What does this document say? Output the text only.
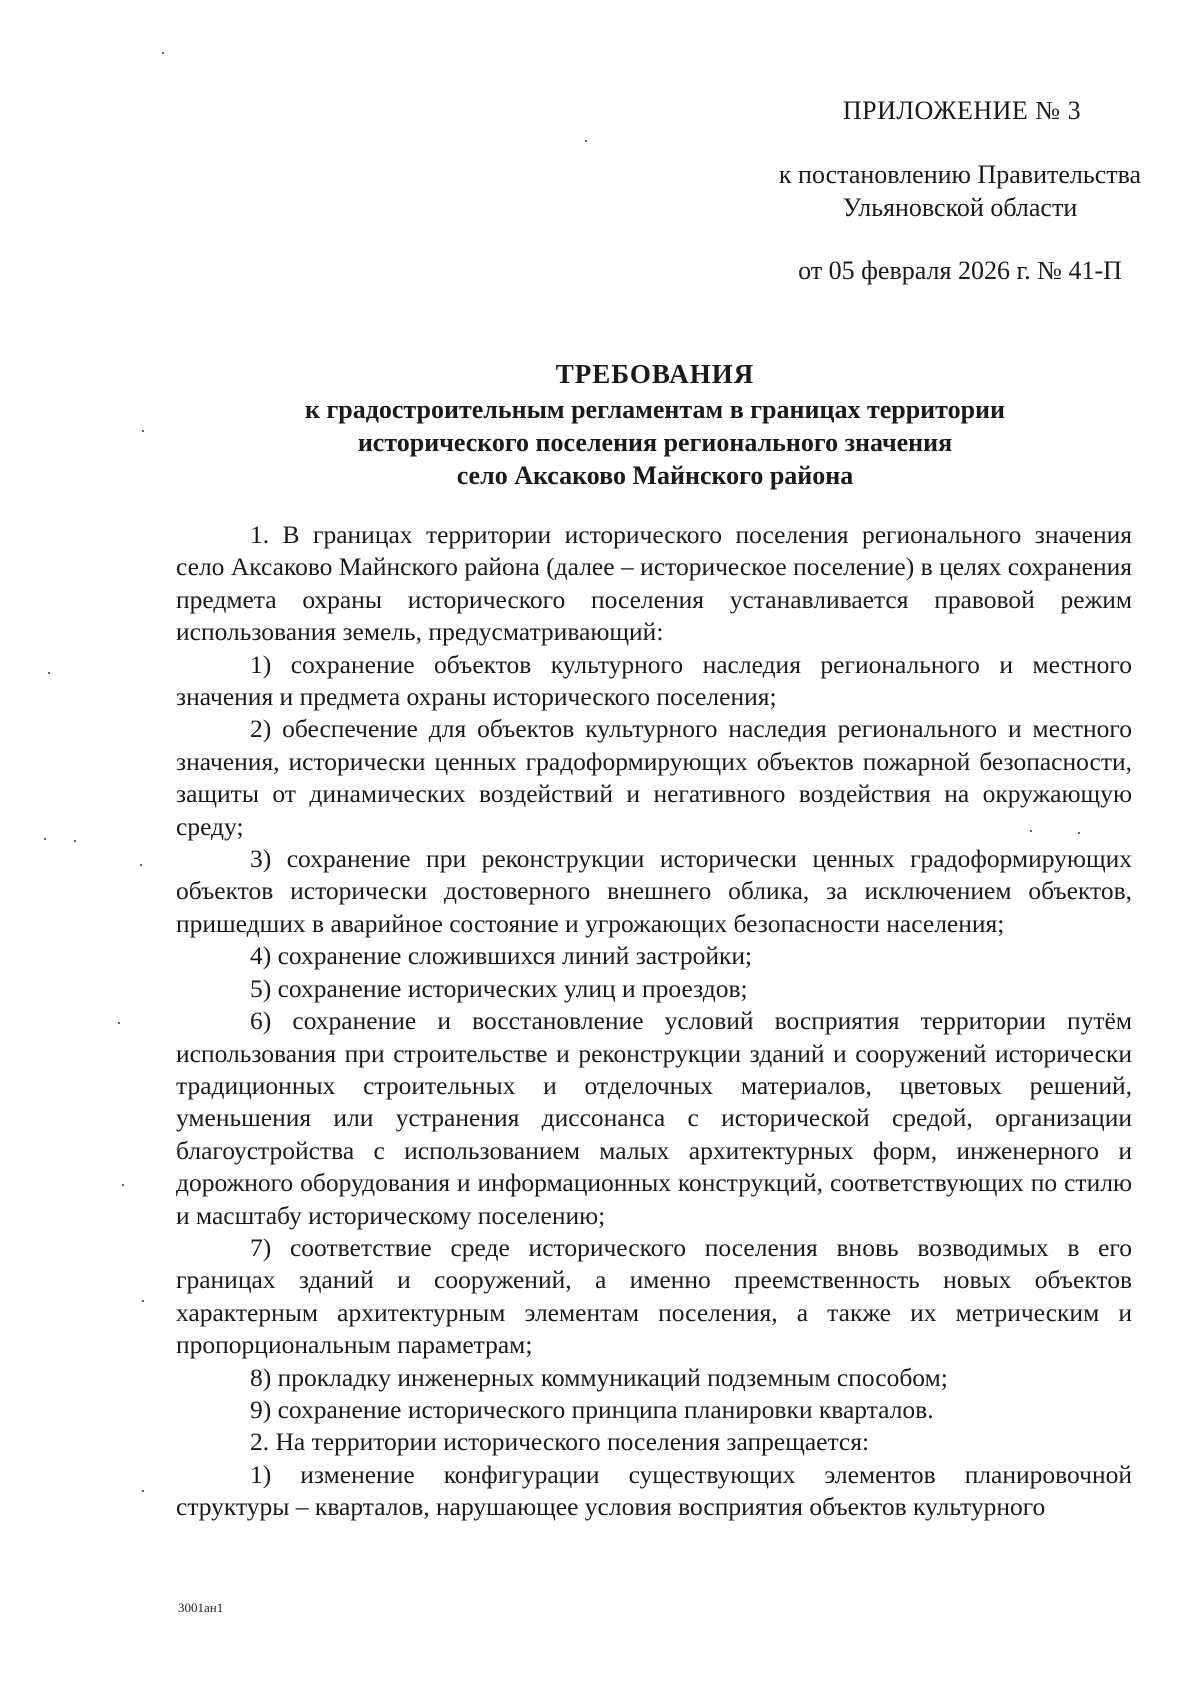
ПРИЛОЖЕНИЕ № 3
к постановлению Правительства
Ульяновской области
от 05 февраля 2026 г. № 41-П
ТРЕБОВАНИЯ
к градостроительным регламентам в границах территории
исторического поселения регионального значения
село Аксаково Майнского района

1. В границах территории исторического поселения регионального значения село Аксаково Майнского района (далее – историческое поселение) в целях сохранения предмета охраны исторического поселения устанавливается правовой режим использования земель, предусматривающий:

1) сохранение объектов культурного наследия регионального и местного значения и предмета охраны исторического поселения;

2) обеспечение для объектов культурного наследия регионального и местного значения, исторически ценных градоформирующих объектов пожарной безопасности, защиты от динамических воздействий и негативного воздействия на окружающую среду;

3) сохранение при реконструкции исторически ценных градоформирующих объектов исторически достоверного внешнего облика, за исключением объектов, пришедших в аварийное состояние и угрожающих безопасности населения;

4) сохранение сложившихся линий застройки;

5) сохранение исторических улиц и проездов;

6) сохранение и восстановление условий восприятия территории путём использования при строительстве и реконструкции зданий и сооружений исторически традиционных строительных и отделочных материалов, цветовых решений, уменьшения или устранения диссонанса с исторической средой, организации благоустройства с использованием малых архитектурных форм, инженерного и дорожного оборудования и информационных конструкций, соответствующих по стилю и масштабу историческому поселению;

7) соответствие среде исторического поселения вновь возводимых в его границах зданий и сооружений, а именно преемственность новых объектов характерным архитектурным элементам поселения, а также их метрическим и пропорциональным параметрам;

8) прокладку инженерных коммуникаций подземным способом;

9) сохранение исторического принципа планировки кварталов.

2. На территории исторического поселения запрещается:

1) изменение конфигурации существующих элементов планировочной структуры – кварталов, нарушающее условия восприятия объектов культурного

3001ан1
